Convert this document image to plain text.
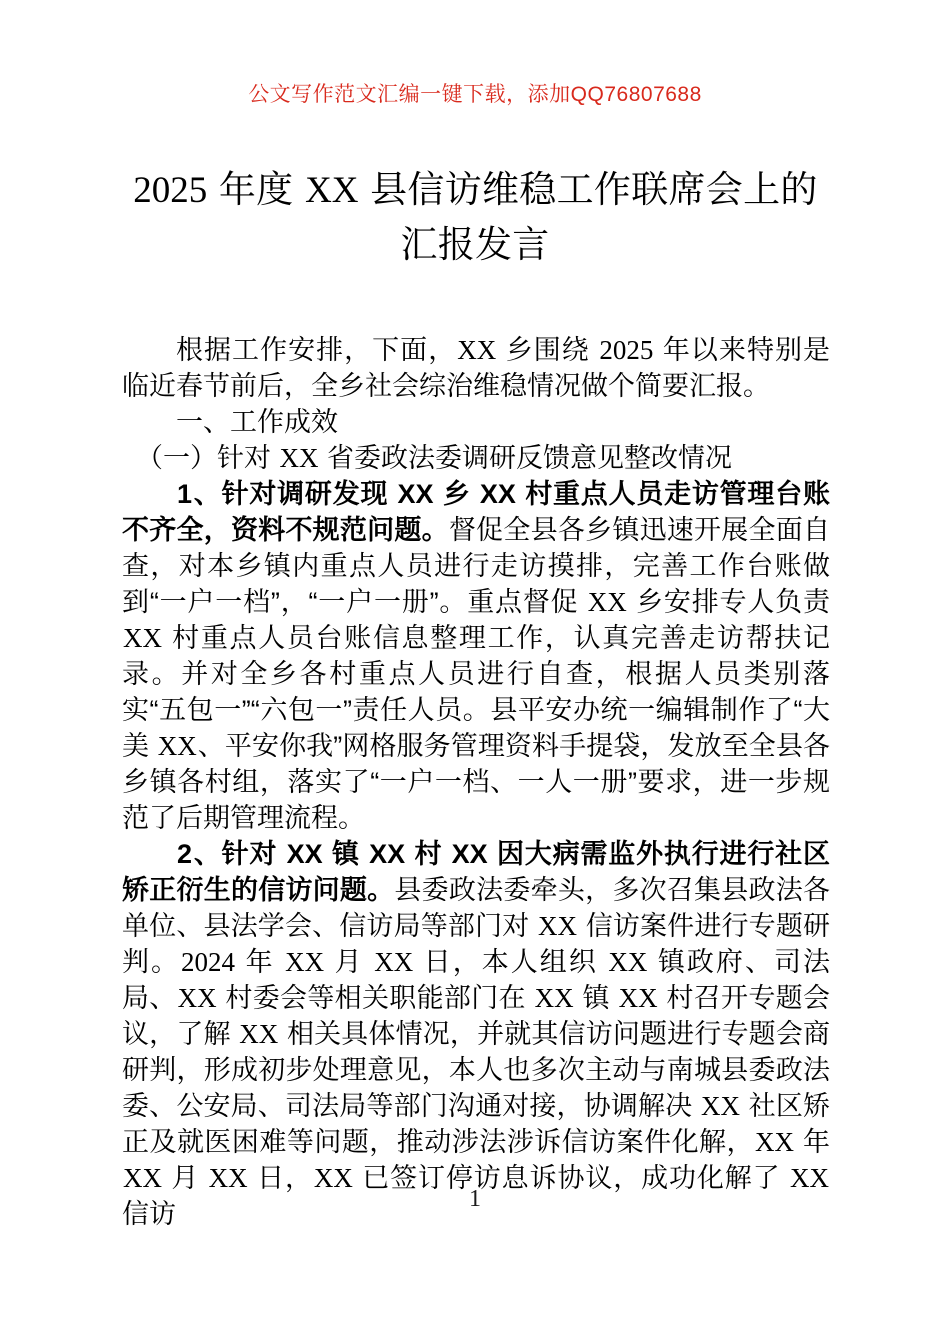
公文写作范文汇编一键下载，添加QQ76807688
2025 年度 XX 县信访维稳工作联席会上的
汇报发言

根据工作安排，下面，XX 乡围绕 2025 年以来特别是临近春节前后，全乡社会综治维稳情况做个简要汇报。

一、工作成效

（一）针对 XX 省委政法委调研反馈意见整改情况

1、针对调研发现 XX 乡 XX 村重点人员走访管理台账不齐全，资料不规范问题。督促全县各乡镇迅速开展全面自查，对本乡镇内重点人员进行走访摸排，完善工作台账做到“一户一档”，“一户一册”。重点督促 XX 乡安排专人负责 XX 村重点人员台账信息整理工作，认真完善走访帮扶记录。并对全乡各村重点人员进行自查，根据人员类别落实“五包一”“六包一”责任人员。县平安办统一编辑制作了“大美 XX、平安你我”网格服务管理资料手提袋，发放至全县各乡镇各村组，落实了“一户一档、一人一册”要求，进一步规范了后期管理流程。

2、针对 XX 镇 XX 村 XX 因大病需监外执行进行社区矫正衍生的信访问题。县委政法委牵头，多次召集县政法各单位、县法学会、信访局等部门对 XX 信访案件进行专题研判。2024 年 XX 月 XX 日，本人组织 XX 镇政府、司法局、XX 村委会等相关职能部门在 XX 镇 XX 村召开专题会议，了解 XX 相关具体情况，并就其信访问题进行专题会商研判，形成初步处理意见，本人也多次主动与南城县委政法委、公安局、司法局等部门沟通对接，协调解决 XX 社区矫正及就医困难等问题，推动涉法涉诉信访案件化解，XX 年 XX 月 XX 日，XX 已签订停访息诉协议，成功化解了 XX 信访	1
